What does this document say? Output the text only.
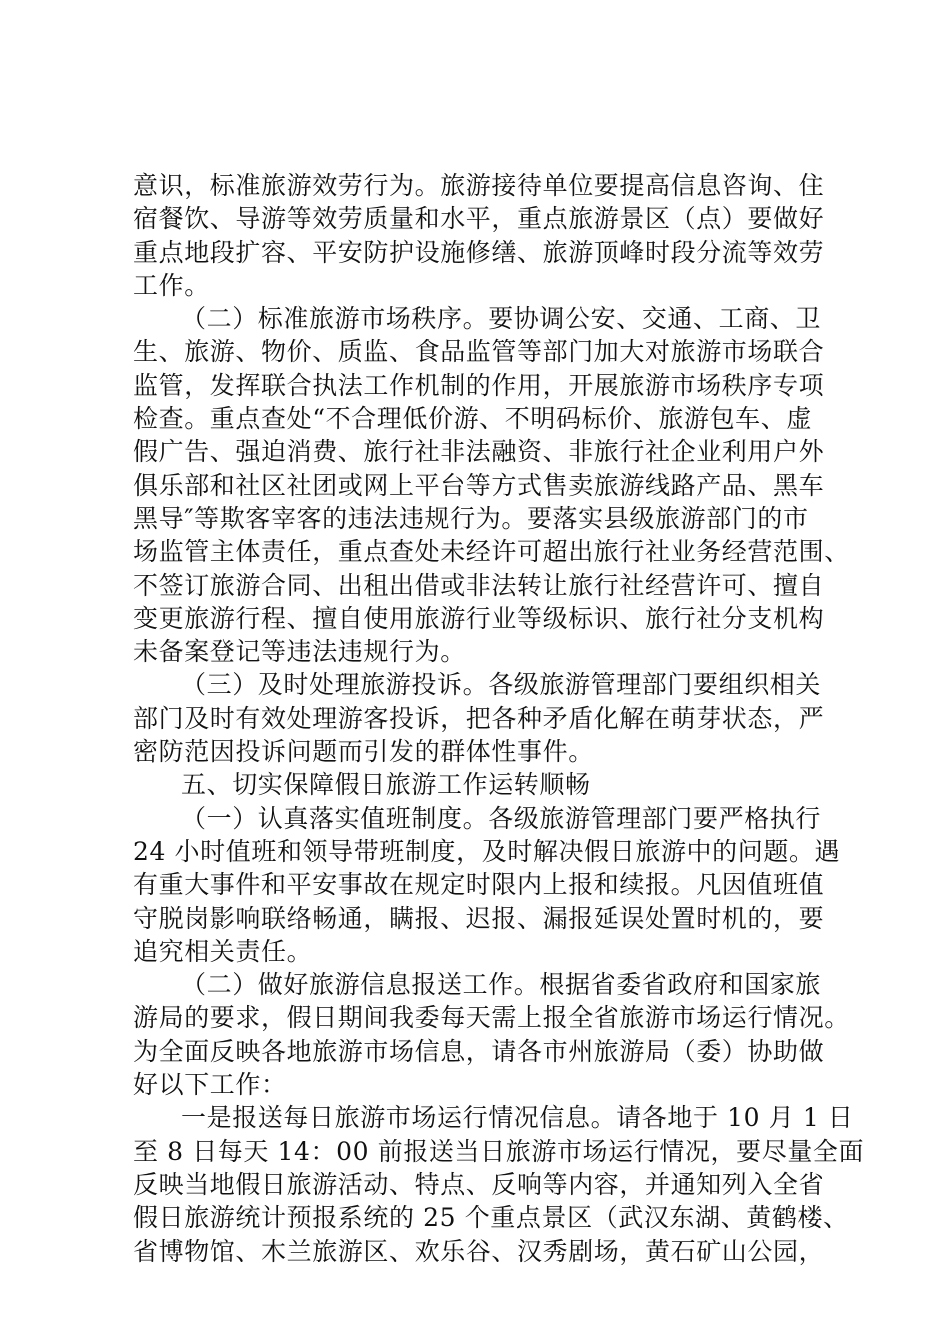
意识，标准旅游效劳行为。旅游接待单位要提高信息咨询、住
宿餐饮、导游等效劳质量和水平，重点旅游景区（点）要做好
重点地段扩容、平安防护设施修缮、旅游顶峰时段分流等效劳
工作。
（二）标准旅游市场秩序。要协调公安、交通、工商、卫
生、旅游、物价、质监、食品监管等部门加大对旅游市场联合
监管，发挥联合执法工作机制的作用，开展旅游市场秩序专项
检查。重点查处“不合理低价游、不明码标价、旅游包车、虚
假广告、强迫消费、旅行社非法融资、非旅行社企业利用户外
俱乐部和社区社团或网上平台等方式售卖旅游线路产品、黑车
黑导″等欺客宰客的违法违规行为。要落实县级旅游部门的市
场监管主体责任，重点查处未经许可超出旅行社业务经营范围、
不签订旅游合同、出租出借或非法转让旅行社经营许可、擅自
变更旅游行程、擅自使用旅游行业等级标识、旅行社分支机构
未备案登记等违法违规行为。
（三）及时处理旅游投诉。各级旅游管理部门要组织相关
部门及时有效处理游客投诉，把各种矛盾化解在萌芽状态，严
密防范因投诉问题而引发的群体性事件。
五、切实保障假日旅游工作运转顺畅
（一）认真落实值班制度。各级旅游管理部门要严格执行
24 小时值班和领导带班制度，及时解决假日旅游中的问题。遇
有重大事件和平安事故在规定时限内上报和续报。凡因值班值
守脱岗影响联络畅通，瞒报、迟报、漏报延误处置时机的，要
追究相关责任。
（二）做好旅游信息报送工作。根据省委省政府和国家旅
游局的要求，假日期间我委每天需上报全省旅游市场运行情况。
为全面反映各地旅游市场信息，请各市州旅游局（委）协助做
好以下工作：
一是报送每日旅游市场运行情况信息。请各地于 10 月 1 日
至 8 日每天 14：00 前报送当日旅游市场运行情况，要尽量全面
反映当地假日旅游活动、特点、反响等内容，并通知列入全省
假日旅游统计预报系统的 25 个重点景区（武汉东湖、黄鹤楼、
省博物馆、木兰旅游区、欢乐谷、汉秀剧场，黄石矿山公园，
